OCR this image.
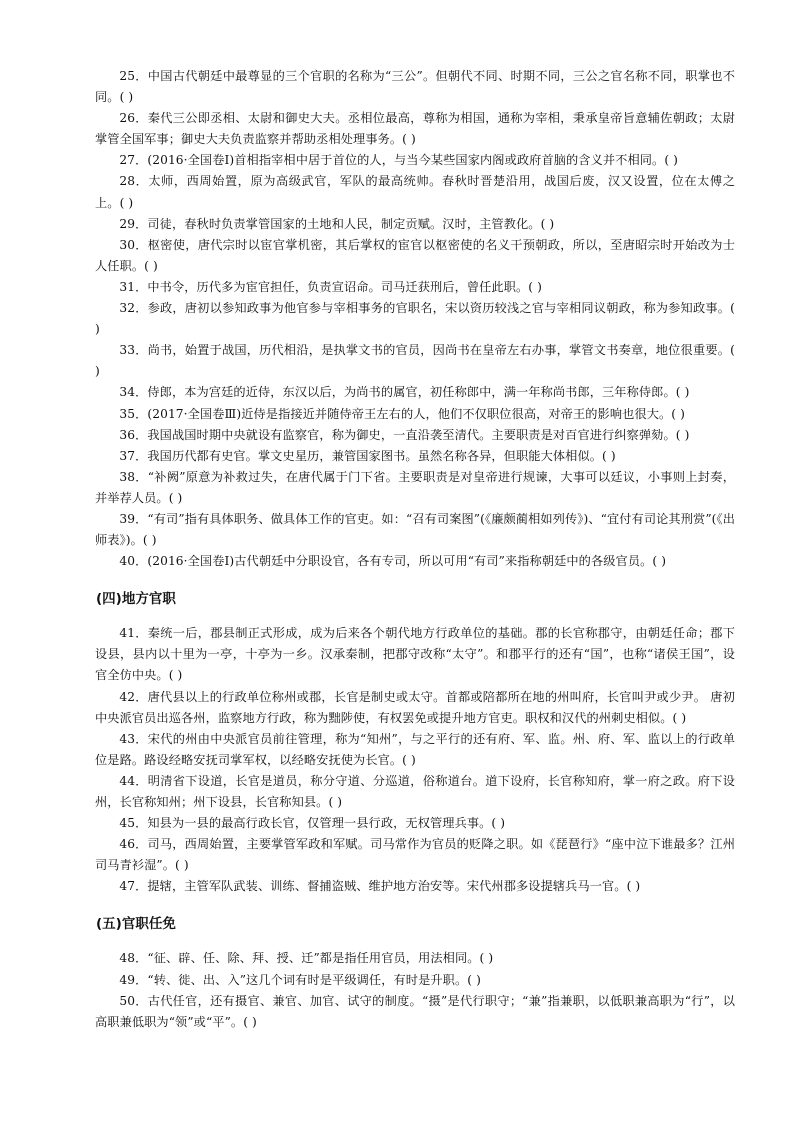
25．中国古代朝廷中最尊显的三个官职的名称为“三公”。但朝代不同、时期不同，三公之官名称不同，职掌也不同。( )

26．秦代三公即丞相、太尉和御史大夫。丞相位最高，尊称为相国，通称为宰相，秉承皇帝旨意辅佐朝政；太尉掌管全国军事；御史大夫负责监察并帮助丞相处理事务。( )

27．(2016·全国卷Ⅰ)首相指宰相中居于首位的人，与当今某些国家内阁或政府首脑的含义并不相同。( )

28．太师，西周始置，原为高级武官，军队的最高统帅。春秋时晋楚沿用，战国后废，汉又设置，位在太傅之上。( )

29．司徒，春秋时负责掌管国家的土地和人民，制定贡赋。汉时，主管教化。( )

30．枢密使，唐代宗时以宦官掌机密，其后掌权的宦官以枢密使的名义干预朝政，所以，至唐昭宗时开始改为士人任职。( )

31．中书令，历代多为宦官担任，负责宣诏命。司马迁获刑后，曾任此职。( )

32．参政，唐初以参知政事为他官参与宰相事务的官职名，宋以资历较浅之官与宰相同议朝政，称为参知政事。( )

33．尚书，始置于战国，历代相沿，是执掌文书的官员，因尚书在皇帝左右办事，掌管文书奏章，地位很重要。( )

34．侍郎，本为宫廷的近侍，东汉以后，为尚书的属官，初任称郎中，满一年称尚书郎，三年称侍郎。( )

35．(2017·全国卷Ⅲ)近侍是指接近并随侍帝王左右的人，他们不仅职位很高，对帝王的影响也很大。( )

36．我国战国时期中央就设有监察官，称为御史，一直沿袭至清代。主要职责是对百官进行纠察弹劾。( )

37．我国历代都有史官。掌文史星历，兼管国家图书。虽然名称各异，但职能大体相似。( )

38．“补阙”原意为补救过失，在唐代属于门下省。主要职责是对皇帝进行规谏，大事可以廷议，小事则上封奏，并举荐人员。( )

39．“有司”指有具体职务、做具体工作的官吏。如：“召有司案图”(《廉颇蔺相如列传》)、“宜付有司论其刑赏”(《出师表》)。( )

40．(2016·全国卷Ⅰ)古代朝廷中分职设官，各有专司，所以可用“有司”来指称朝廷中的各级官员。( )

(四)地方官职

41．秦统一后，郡县制正式形成，成为后来各个朝代地方行政单位的基础。郡的长官称郡守，由朝廷任命；郡下设县，县内以十里为一亭，十亭为一乡。汉承秦制，把郡守改称“太守”。和郡平行的还有“国”，也称“诸侯王国”，设官全仿中央。( )

42．唐代县以上的行政单位称州或郡，长官是制史或太守。首都或陪都所在地的州叫府，长官叫尹或少尹。 唐初中央派官员出巡各州，监察地方行政，称为黜陟使，有权罢免或提升地方官吏。职权和汉代的州刺史相似。( )

43．宋代的州由中央派官员前往管理，称为“知州”，与之平行的还有府、军、监。州、府、军、监以上的行政单位是路。路设经略安抚司掌军权，以经略安抚使为长官。( )

44．明清省下设道，长官是道员，称分守道、分巡道，俗称道台。道下设府，长官称知府，掌一府之政。府下设州，长官称知州；州下设县，长官称知县。( )

45．知县为一县的最高行政长官，仅管理一县行政，无权管理兵事。( )

46．司马，西周始置，主要掌管军政和军赋。司马常作为官员的贬降之职。如《琵琶行》“座中泣下谁最多？江州司马青衫湿”。( )

47．提辖，主管军队武装、训练、督捕盗贼、维护地方治安等。宋代州郡多设提辖兵马一官。( )

(五)官职任免

48．“征、辟、任、除、拜、授、迁”都是指任用官员，用法相同。( )

49．“转、徙、出、入”这几个词有时是平级调任，有时是升职。( )

50．古代任官，还有摄官、兼官、加官、试守的制度。“摄”是代行职守；“兼”指兼职，以低职兼高职为“行”，以高职兼低职为“领”或“平”。( )
